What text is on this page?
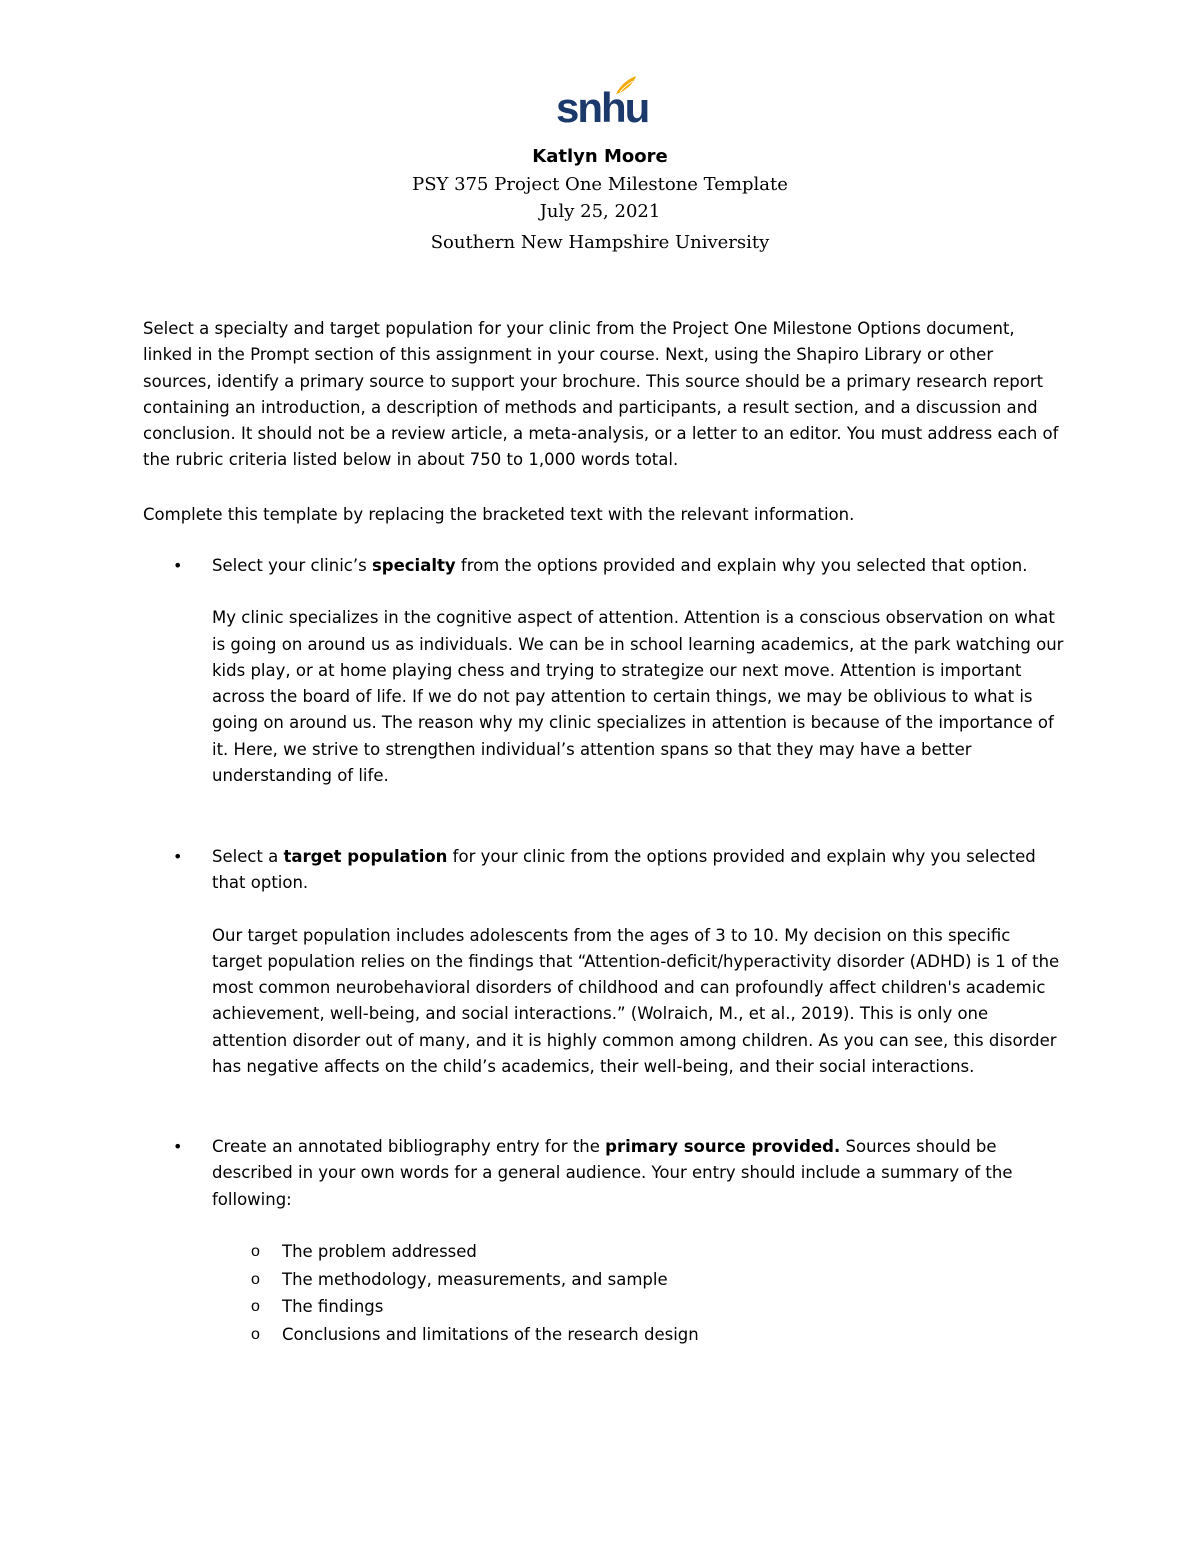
snhu
Katlyn Moore
PSY 375 Project One Milestone Template
July 25, 2021
Southern New Hampshire University
Select a specialty and target population for your clinic from the Project One Milestone Options document, linked in the Prompt section of this assignment in your course. Next, using the Shapiro Library or other sources, identify a primary source to support your brochure. This source should be a primary research report containing an introduction, a description of methods and participants, a result section, and a discussion and conclusion. It should not be a review article, a meta-analysis, or a letter to an editor. You must address each of the rubric criteria listed below in about 750 to 1,000 words total.
Complete this template by replacing the bracketed text with the relevant information.
• Select your clinic’s specialty from the options provided and explain why you selected that option.
My clinic specializes in the cognitive aspect of attention. Attention is a conscious observation on what is going on around us as individuals. We can be in school learning academics, at the park watching our kids play, or at home playing chess and trying to strategize our next move. Attention is important across the board of life. If we do not pay attention to certain things, we may be oblivious to what is going on around us. The reason why my clinic specializes in attention is because of the importance of it. Here, we strive to strengthen individual’s attention spans so that they may have a better understanding of life.
• Select a target population for your clinic from the options provided and explain why you selected that option.
Our target population includes adolescents from the ages of 3 to 10. My decision on this specific target population relies on the findings that “Attention-deficit/hyperactivity disorder (ADHD) is 1 of the most common neurobehavioral disorders of childhood and can profoundly affect children's academic achievement, well-being, and social interactions.” (Wolraich, M., et al., 2019). This is only one attention disorder out of many, and it is highly common among children. As you can see, this disorder has negative affects on the child’s academics, their well-being, and their social interactions.
• Create an annotated bibliography entry for the primary source provided. Sources should be described in your own words for a general audience. Your entry should include a summary of the following:
o The problem addressed
o The methodology, measurements, and sample
o The findings
o Conclusions and limitations of the research design
